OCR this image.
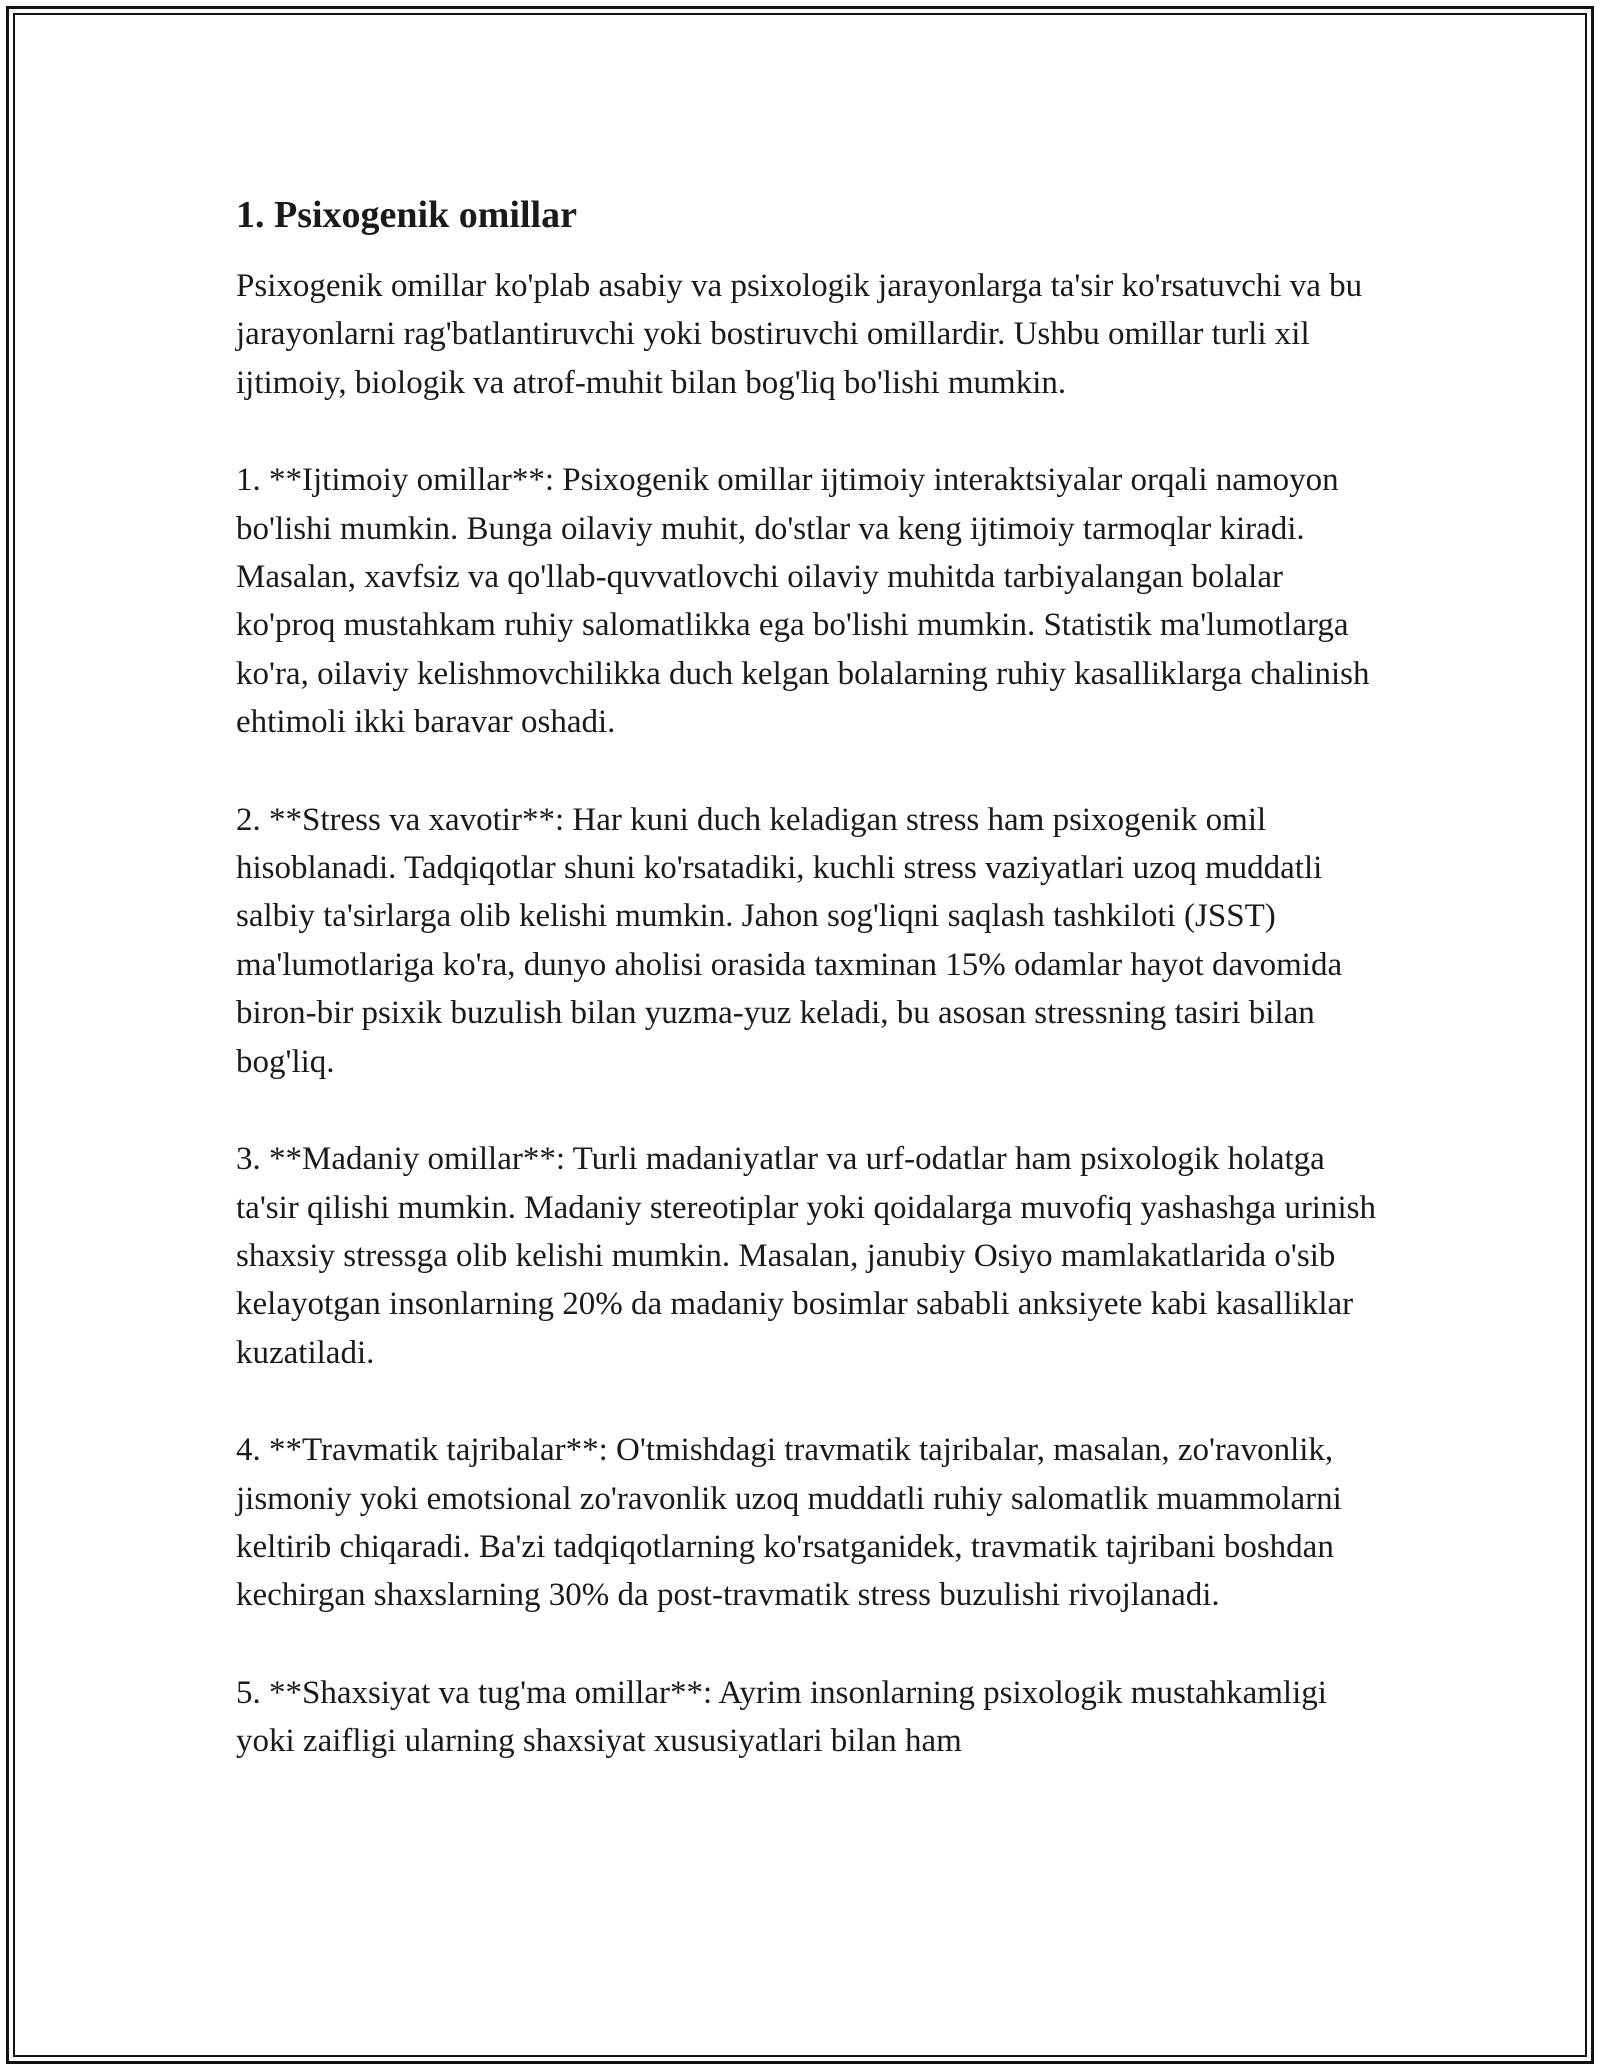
1. Psixogenik omillar

Psixogenik omillar ko'plab asabiy va psixologik jarayonlarga ta'sir ko'rsatuvchi va bu jarayonlarni rag'batlantiruvchi yoki bostiruvchi omillardir. Ushbu omillar turli xil ijtimoiy, biologik va atrof-muhit bilan bog'liq bo'lishi mumkin.

1. **Ijtimoiy omillar**: Psixogenik omillar ijtimoiy interaktsiyalar orqali namoyon bo'lishi mumkin. Bunga oilaviy muhit, do'stlar va keng ijtimoiy tarmoqlar kiradi. Masalan, xavfsiz va qo'llab-quvvatlovchi oilaviy muhitda tarbiyalangan bolalar ko'proq mustahkam ruhiy salomatlikka ega bo'lishi mumkin. Statistik ma'lumotlarga ko'ra, oilaviy kelishmovchilikka duch kelgan bolalarning ruhiy kasalliklarga chalinish ehtimoli ikki baravar oshadi.

2. **Stress va xavotir**: Har kuni duch keladigan stress ham psixogenik omil hisoblanadi. Tadqiqotlar shuni ko'rsatadiki, kuchli stress vaziyatlari uzoq muddatli salbiy ta'sirlarga olib kelishi mumkin. Jahon sog'liqni saqlash tashkiloti (JSST) ma'lumotlariga ko'ra, dunyo aholisi orasida taxminan 15% odamlar hayot davomida biron-bir psixik buzulish bilan yuzma-yuz keladi, bu asosan stressning tasiri bilan bog'liq.

3. **Madaniy omillar**: Turli madaniyatlar va urf-odatlar ham psixologik holatga ta'sir qilishi mumkin. Madaniy stereotiplar yoki qoidalarga muvofiq yashashga urinish shaxsiy stressga olib kelishi mumkin. Masalan, janubiy Osiyo mamlakatlarida o'sib kelayotgan insonlarning 20% da madaniy bosimlar sababli anksiyete kabi kasalliklar kuzatiladi.

4. **Travmatik tajribalar**: O'tmishdagi travmatik tajribalar, masalan, zo'ravonlik, jismoniy yoki emotsional zo'ravonlik uzoq muddatli ruhiy salomatlik muammolarni keltirib chiqaradi. Ba'zi tadqiqotlarning ko'rsatganidek, travmatik tajribani boshdan kechirgan shaxslarning 30% da post-travmatik stress buzulishi rivojlanadi.

5. **Shaxsiyat va tug'ma omillar**: Ayrim insonlarning psixologik mustahkamligi yoki zaifligi ularning shaxsiyat xususiyatlari bilan ham
